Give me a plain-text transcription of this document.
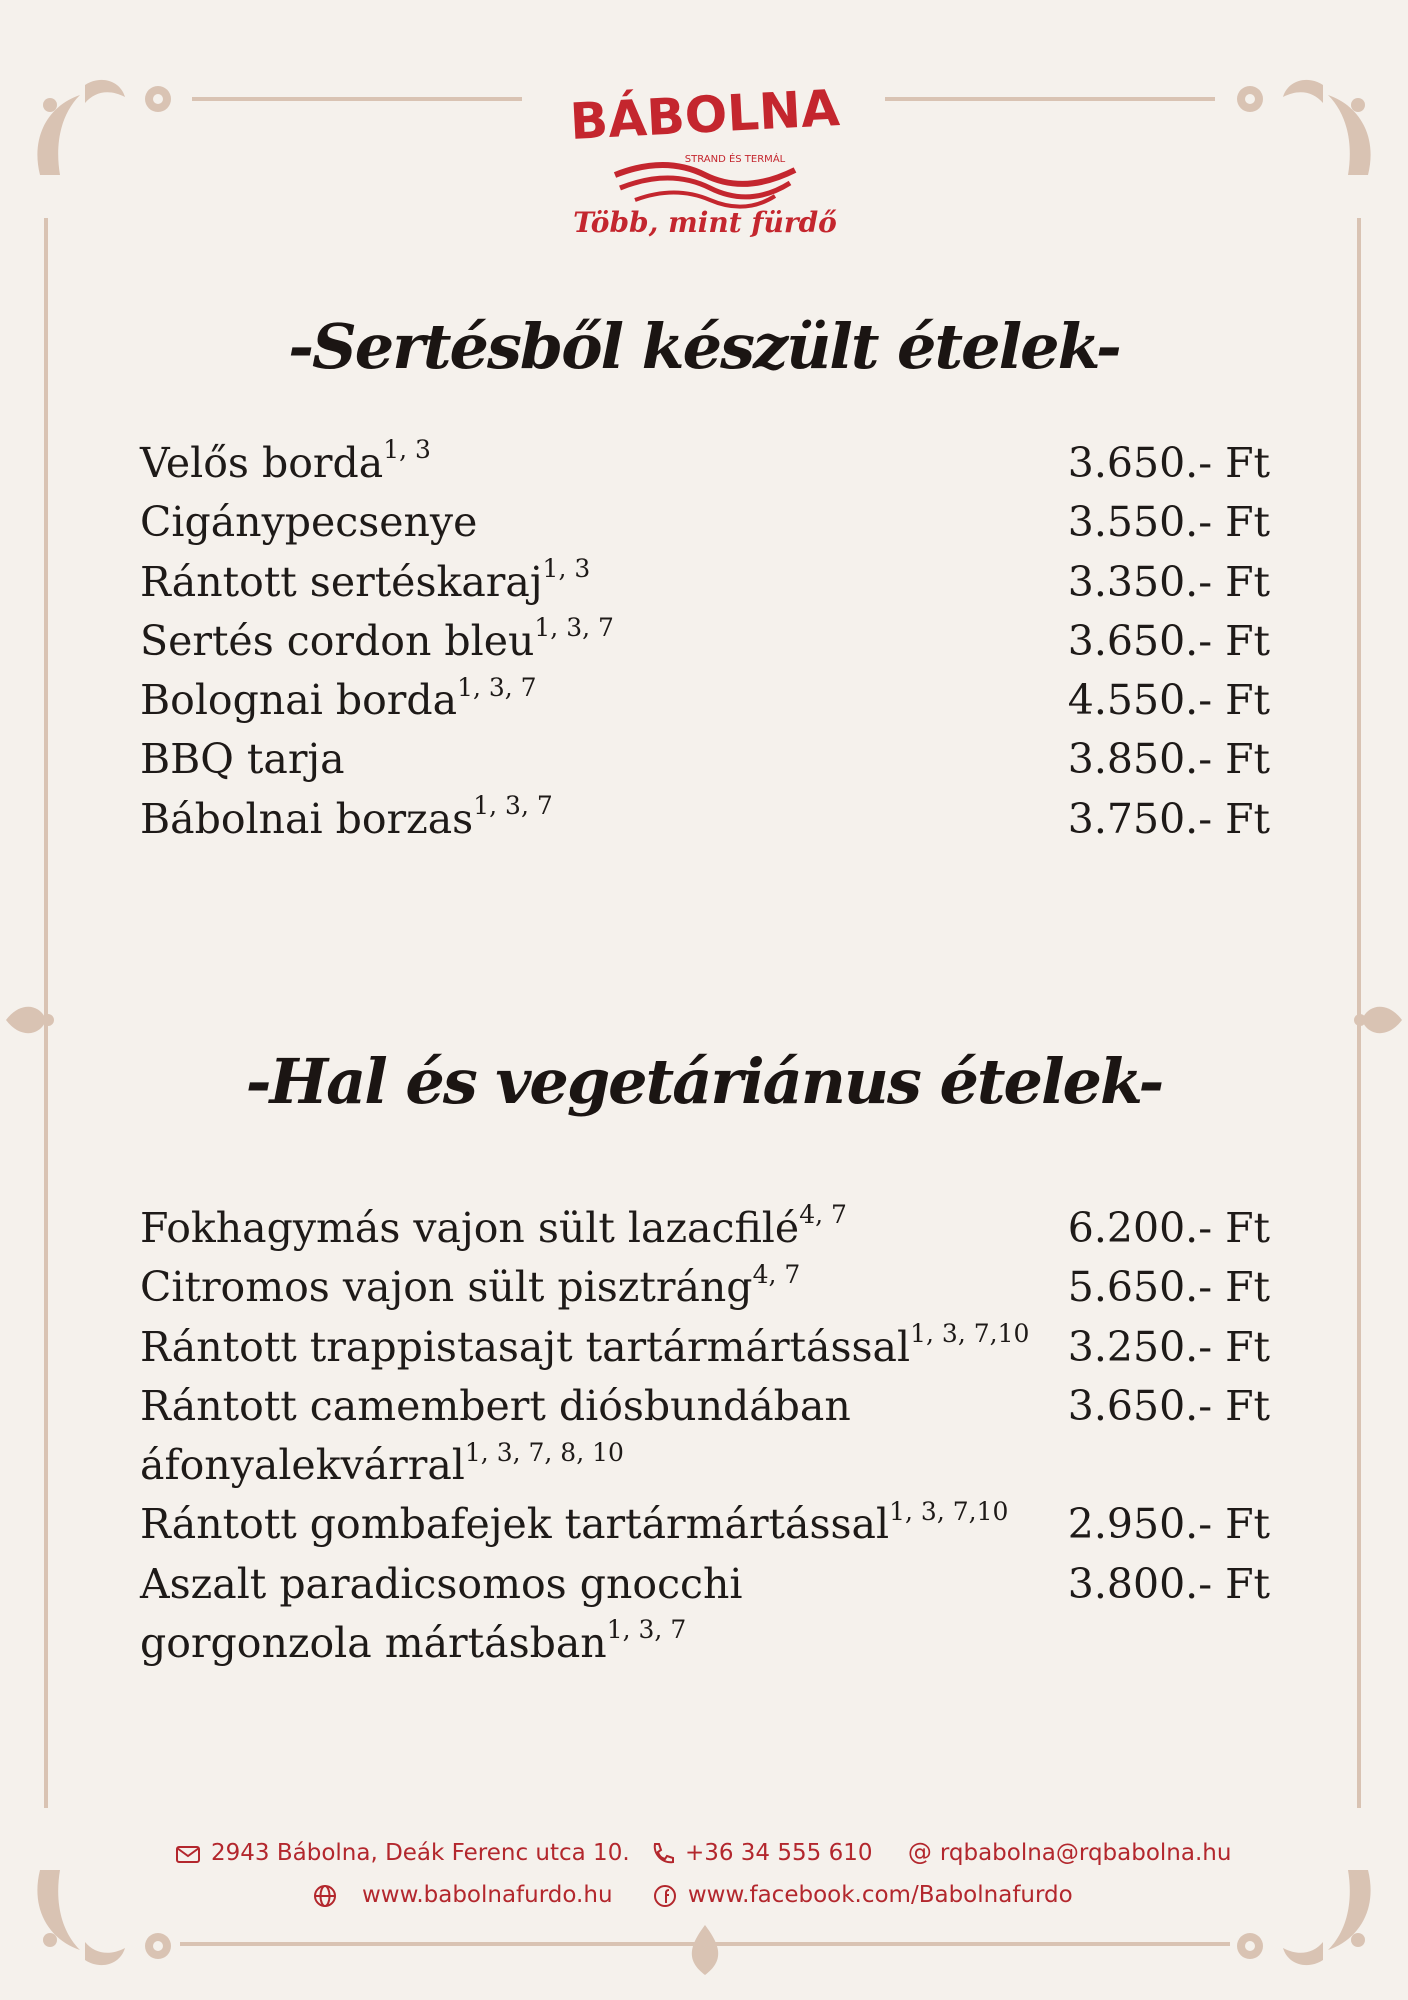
BÁBOLNA
STRAND ÉS TERMÁL
Több, mint fürdő
-Sertésből készült ételek-
Velős borda$^{1, 3}$	3.650.- Ft
Cigánypecsenye	3.550.- Ft
Rántott sertéskaraj$^{1, 3}$	3.350.- Ft
Sertés cordon bleu$^{1, 3, 7}$	3.650.- Ft
Bolognai borda$^{1, 3, 7}$	4.550.- Ft
BBQ tarja	3.850.- Ft
Bábolnai borzas$^{1, 3, 7}$	3.750.- Ft
-Hal és vegetáriánus ételek-
Fokhagymás vajon sült lazacfilé$^{4, 7}$	6.200.- Ft
Citromos vajon sült pisztráng$^{4, 7}$	5.650.- Ft
Rántott trappistasajt tartármártással$^{1, 3, 7,10}$ 3.250.- Ft
Rántott camembert diósbundában
áfonyalekvárral$^{1, 3, 7, 8, 10}$
3.650.- Ft
Rántott gombafejek tartármártással$^{1, 3, 7,10}$ 2.950.- Ft
Aszalt paradicsomos gnocchi
gorgonzola mártásban$^{1, 3, 7}$
3.800.- Ft
2943 Bábolna, Deák Ferenc utca 10. +36 34 555 610 @ rqbabolna@rqbabolna.hu
www.babolnafurdo.hu	www.facebook.com/Babolnafurdo
